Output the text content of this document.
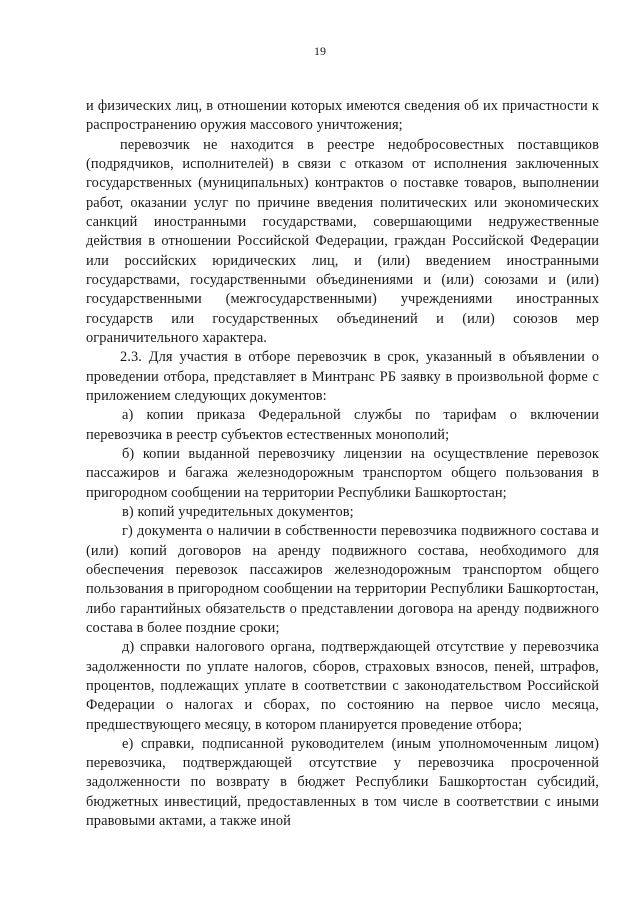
19

и физических лиц, в отношении которых имеются сведения об их причастности к распространению оружия массового уничтожения;

перевозчик не находится в реестре недобросовестных поставщиков (подрядчиков, исполнителей) в связи с отказом от исполнения заключенных государственных (муниципальных) контрактов о поставке товаров, выполнении работ, оказании услуг по причине введения политических или экономических санкций иностранными государствами, совершающими недружественные действия в отношении Российской Федерации, граждан Российской Федерации или российских юридических лиц, и (или) введением иностранными государствами, государственными объединениями и (или) союзами и (или) государственными (межгосударственными) учреждениями иностранных государств или государственных объединений и (или) союзов мер ограничительного характера.

2.3. Для участия в отборе перевозчик в срок, указанный в объявлении о проведении отбора, представляет в Минтранс РБ заявку в произвольной форме с приложением следующих документов:

а) копии приказа Федеральной службы по тарифам о включении перевозчика в реестр субъектов естественных монополий;

б) копии выданной перевозчику лицензии на осуществление перевозок пассажиров и багажа железнодорожным транспортом общего пользования в пригородном сообщении на территории Республики Башкортостан;

в) копий учредительных документов;

г) документа о наличии в собственности перевозчика подвижного состава и (или) копий договоров на аренду подвижного состава, необходимого для обеспечения перевозок пассажиров железнодорожным транспортом общего пользования в пригородном сообщении на территории Республики Башкортостан, либо гарантийных обязательств о представлении договора на аренду подвижного состава в более поздние сроки;

д) справки налогового органа, подтверждающей отсутствие у перевозчика задолженности по уплате налогов, сборов, страховых взносов, пеней, штрафов, процентов, подлежащих уплате в соответствии с законодательством Российской Федерации о налогах и сборах, по состоянию на первое число месяца, предшествующего месяцу, в котором планируется проведение отбора;

е) справки, подписанной руководителем (иным уполномоченным лицом) перевозчика, подтверждающей отсутствие у перевозчика просроченной задолженности по возврату в бюджет Республики Башкортостан субсидий, бюджетных инвестиций, предоставленных в том числе в соответствии с иными правовыми актами, а также иной
